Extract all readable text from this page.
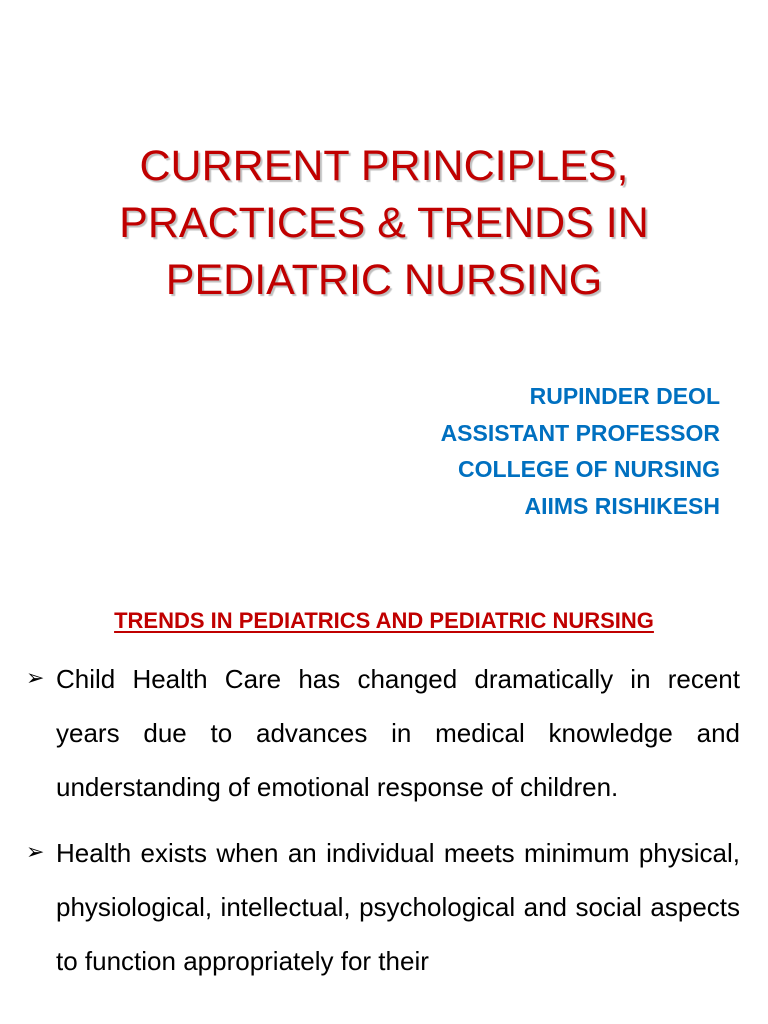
CURRENT PRINCIPLES,
PRACTICES & TRENDS IN
PEDIATRIC NURSING
RUPINDER DEOL
ASSISTANT PROFESSOR
COLLEGE OF NURSING
AIIMS RISHIKESH
TRENDS IN PEDIATRICS AND PEDIATRIC NURSING
➢ Child Health Care has changed dramatically in recent years due to advances in medical knowledge and understanding of emotional response of children.
➢ Health exists when an individual meets minimum physical, physiological, intellectual, psychological and social aspects to function appropriately for their
